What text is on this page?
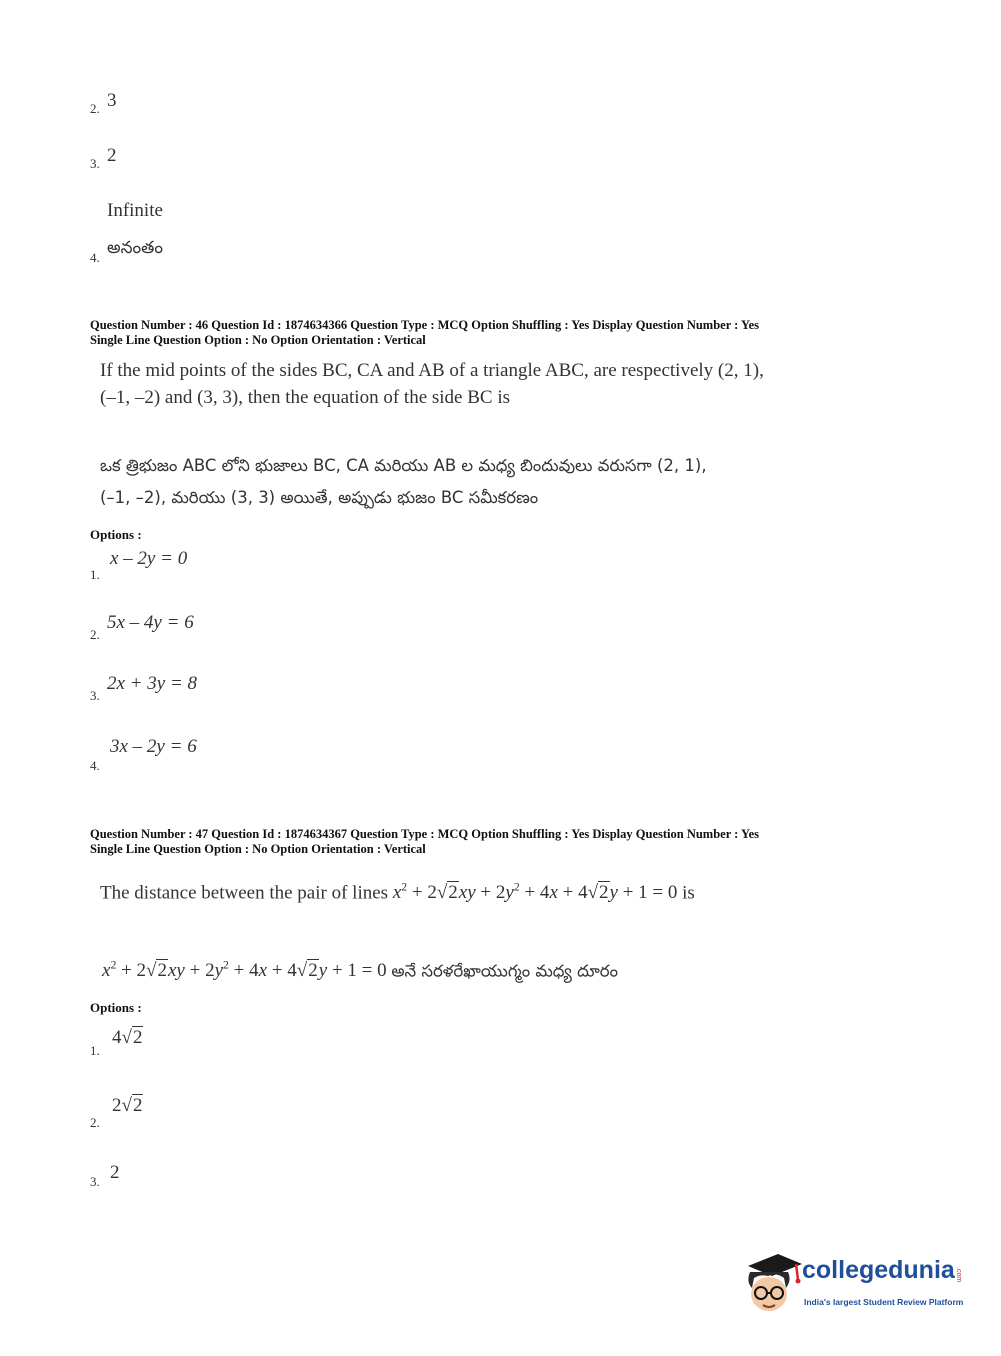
2. 3
3. 2
Infinite
4. అనంతం
Question Number : 46 Question Id : 1874634366 Question Type : MCQ Option Shuffling : Yes Display Question Number : Yes
Single Line Question Option : No Option Orientation : Vertical
If the mid points of the sides BC, CA and AB of a triangle ABC, are respectively (2, 1),
(–1, –2) and (3, 3), then the equation of the side BC is
ఒక త్రిభుజం ABC లోని భుజాలు BC, CA మరియు AB ల మధ్య బిందువులు వరుసగా (2, 1),
(–1, –2), మరియు (3, 3) అయితే, అప్పుడు భుజం BC సమీకరణం
Options :
1.
x – 2y = 0
2.
5x – 4y = 6
3.
2x + 3y = 8
4.
3x – 2y = 6
Question Number : 47 Question Id : 1874634367 Question Type : MCQ Option Shuffling : Yes Display Question Number : Yes
Single Line Question Option : No Option Orientation : Vertical
The distance between the pair of lines $x^2 + 2√2xy + 2y^2 + 4x + 4√2y + 1 = 0$ is
$x^2 + 2√2xy + 2y^2 + 4x + 4√2y + 1 = 0$ అనే సరళరేఖాయుగ్మం మధ్య దూరం
Options :
1.
4√2
2.
2√2
3. 2
collegedunia.com
India's largest Student Review Platform
